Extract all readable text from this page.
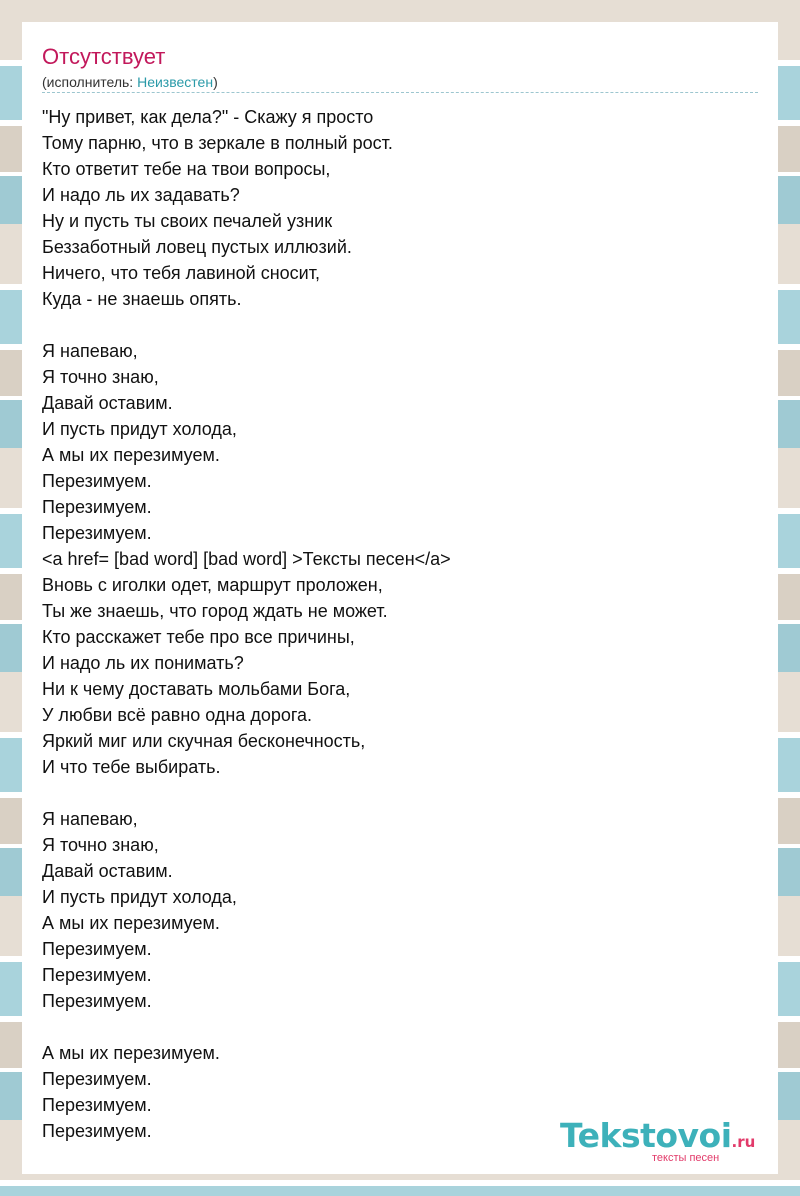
Отсутствует
(исполнитель: Неизвестен)
"Ну привет, как дела?" - Скажу я просто
Тому парню, что в зеркале в полный рост.
Кто ответит тебе на твои вопросы,
И надо ль их задавать?
Ну и пусть ты своих печалей узник
Беззаботный ловец пустых иллюзий.
Ничего, что тебя лавиной сносит,
Куда - не знаешь опять.
Я напеваю,
Я точно знаю,
Давай оставим.
И пусть придут холода,
А мы их перезимуем.
Перезимуем.
Перезимуем.
Перезимуем.
<a href= [bad word] [bad word] >Тексты песен</a>
Вновь с иголки одет, маршрут проложен,
Ты же знаешь, что город ждать не может.
Кто расскажет тебе про все причины,
И надо ль их понимать?
Ни к чему доставать мольбами Бога,
У любви всё равно одна дорога.
Яркий миг или скучная бесконечность,
И что тебе выбирать.
Я напеваю,
Я точно знаю,
Давай оставим.
И пусть придут холода,
А мы их перезимуем.
Перезимуем.
Перезимуем.
Перезимуем.
А мы их перезимуем.
Перезимуем.
Перезимуем.
Перезимуем.	Tekstovoi.ru
тексты песен
